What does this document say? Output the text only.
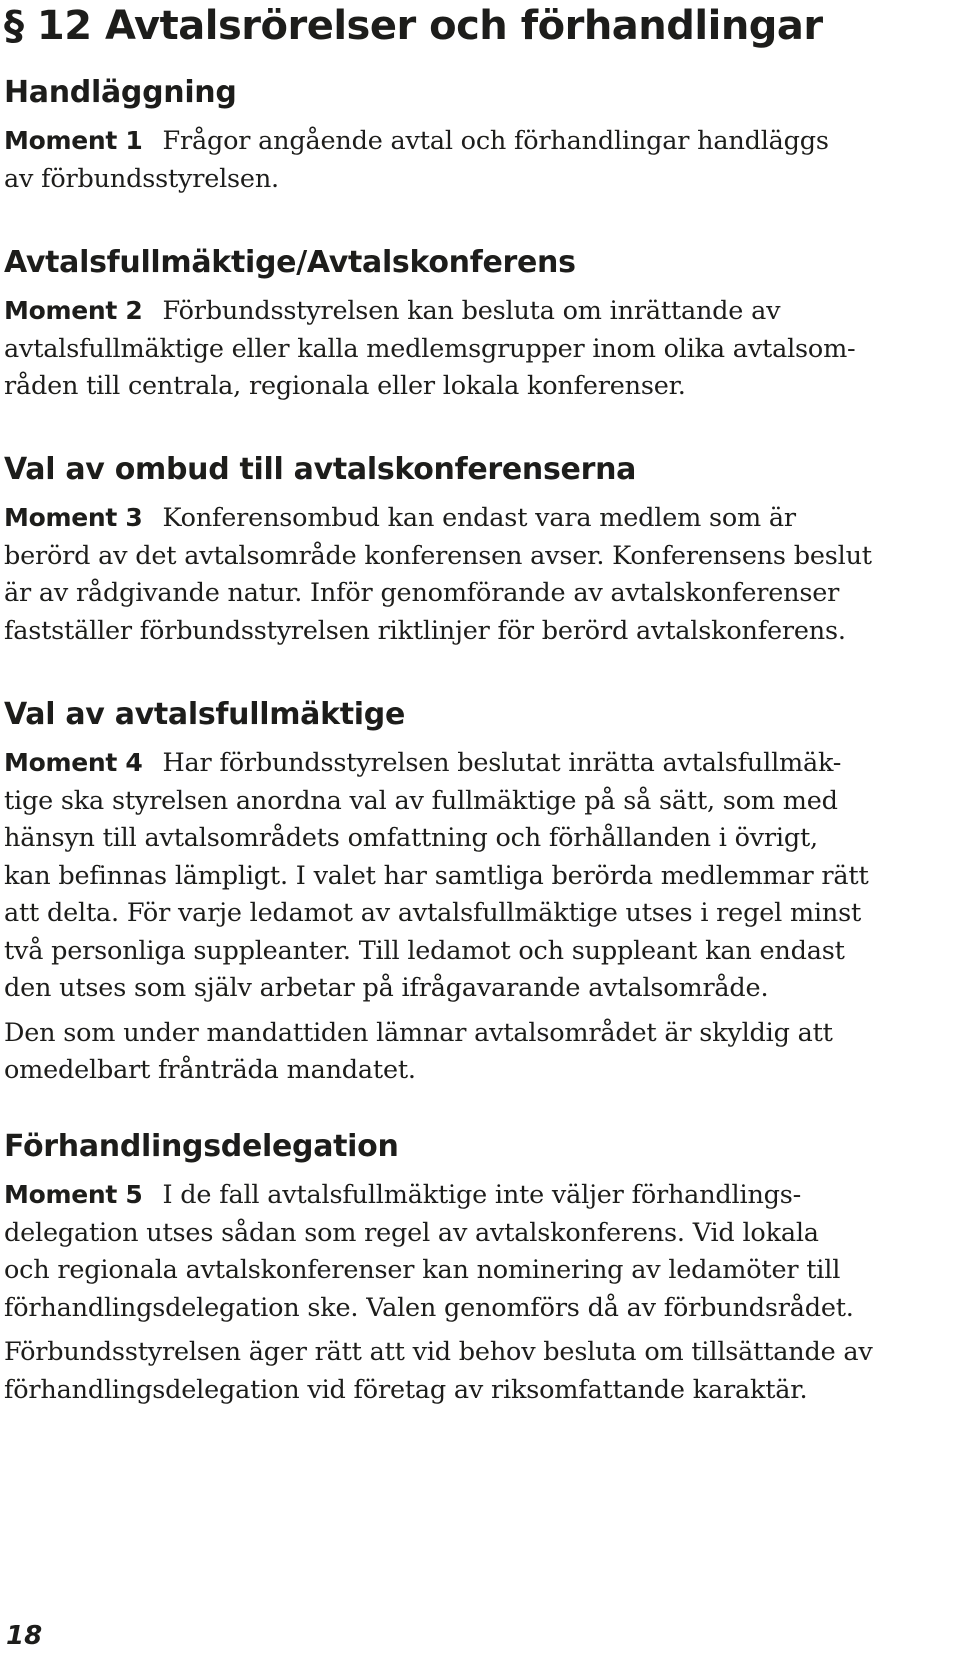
§ 12 Avtalsrörelser och förhandlingar
Handläggning

Moment 1 Frågor angående avtal och förhandlingar handläggs
av förbundsstyrelsen.

Avtalsfullmäktige/Avtalskonferens

Moment 2 Förbundsstyrelsen kan besluta om inrättande av
avtalsfullmäktige eller kalla medlemsgrupper inom olika avtalsom-
råden till centrala, regionala eller lokala konferenser.

Val av ombud till avtalskonferenserna

Moment 3 Konferensombud kan endast vara medlem som är
berörd av det avtalsområde konferensen avser. Konferensens beslut
är av rådgivande natur. Inför genomförande av avtalskonferenser
fastställer förbundsstyrelsen riktlinjer för berörd avtalskonferens.

Val av avtalsfullmäktige

Moment 4 Har förbundsstyrelsen beslutat inrätta avtalsfullmäk-
tige ska styrelsen anordna val av fullmäktige på så sätt, som med
hänsyn till avtalsområdets omfattning och förhållanden i övrigt,
kan befinnas lämpligt. I valet har samtliga berörda medlemmar rätt
att delta. För varje ledamot av avtalsfullmäktige utses i regel minst
två personliga suppleanter. Till ledamot och suppleant kan endast
den utses som själv arbetar på ifrågavarande avtalsområde.

Den som under mandattiden lämnar avtalsområdet är skyldig att
omedelbart frånträda mandatet.

Förhandlingsdelegation

Moment 5 I de fall avtalsfullmäktige inte väljer förhandlings-
delegation utses sådan som regel av avtalskonferens. Vid lokala
och regionala avtalskonferenser kan nominering av ledamöter till
förhandlingsdelegation ske. Valen genomförs då av förbundsrådet.

Förbundsstyrelsen äger rätt att vid behov besluta om tillsättande av
förhandlingsdelegation vid företag av riksomfattande karaktär.

18
